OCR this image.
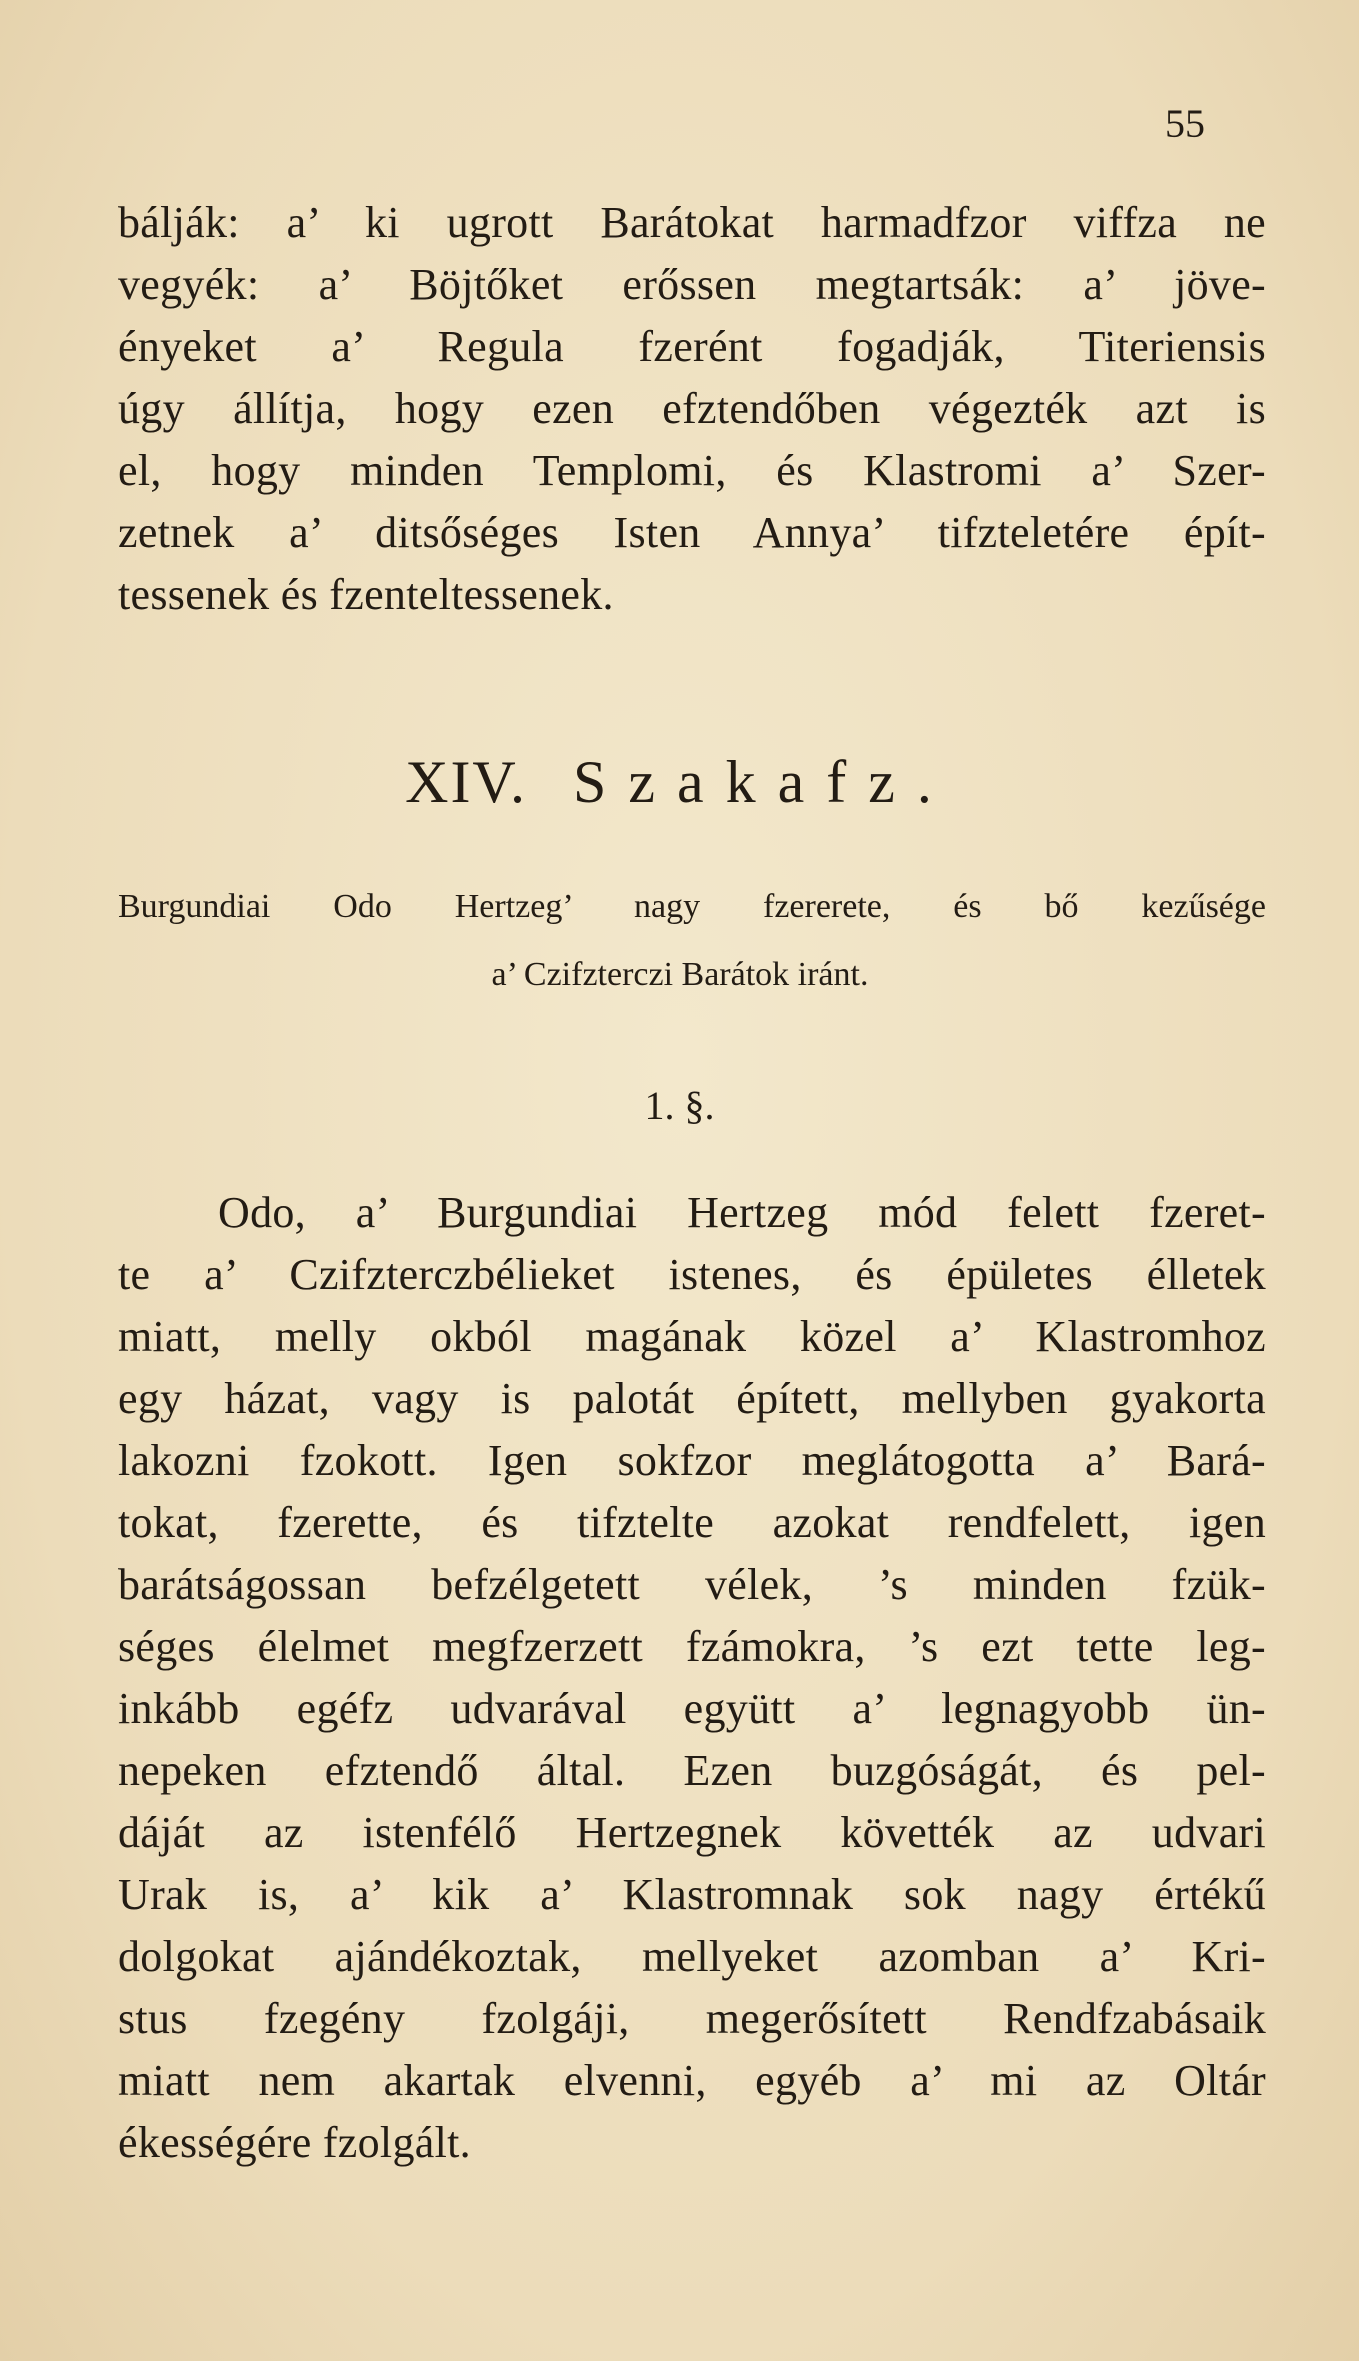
55
bálják: a’ ki ugrott Barátokat harmadfzor viffza ne
vegyék: a’ Böjtőket erőssen megtartsák: a’ jöve-
ényeket a’ Regula fzerént fogadják, Titeriensis
úgy állítja, hogy ezen efztendőben végezték azt is
el, hogy minden Templomi, és Klastromi a’ Szer-
zetnek a’ ditsőséges Isten Annya’ tifzteletére épít-
tessenek és fzenteltessenek.
XIV. Szakafz.
Burgundiai Odo Hertzeg’ nagy fzererete, és bő kezűsége
a’ Czifzterczi Barátok iránt.
1. §.
Odo, a’ Burgundiai Hertzeg mód felett fzeret-
te a’ Czifzterczbélieket istenes, és épületes élletek
miatt, melly okból magának közel a’ Klastromhoz
egy házat, vagy is palotát épített, mellyben gyakorta
lakozni fzokott. Igen sokfzor meglátogotta a’ Bará-
tokat, fzerette, és tifztelte azokat rendfelett, igen
barátságossan befzélgetett vélek, ’s minden fzük-
séges élelmet megfzerzett fzámokra, ’s ezt tette leg-
inkább egéfz udvarával együtt a’ legnagyobb ün-
nepeken efztendő által. Ezen buzgóságát, és pel-
dáját az istenfélő Hertzegnek követték az udvari
Urak is, a’ kik a’ Klastromnak sok nagy értékű
dolgokat ajándékoztak, mellyeket azomban a’ Kri-
stus fzegény fzolgáji, megerősített Rendfzabásaik
miatt nem akartak elvenni, egyéb a’ mi az Oltár
ékességére fzolgált.
